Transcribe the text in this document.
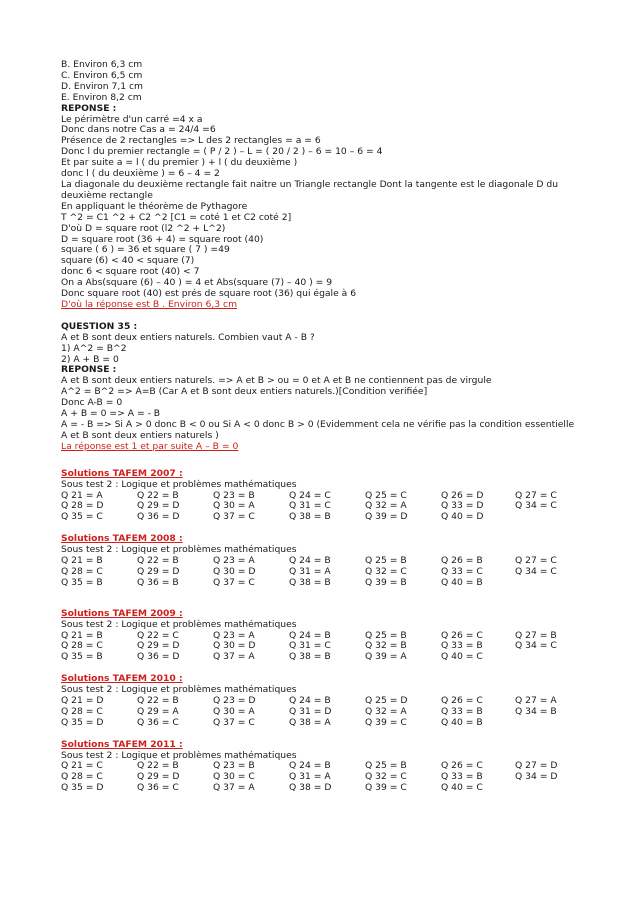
B. Environ 6,3 cm
C. Environ 6,5 cm
D. Environ 7,1 cm
E. Environ 8,2 cm
REPONSE :
Le périmètre d'un carré =4 x a
Donc dans notre Cas a = 24/4 =6
Présence de 2 rectangles => L des 2 rectangles = a = 6
Donc l du premier rectangle = ( P / 2 ) – L = ( 20 / 2 ) – 6 = 10 – 6 = 4
Et par suite a = l ( du premier ) + l ( du deuxième )
donc l ( du deuxième ) = 6 – 4 = 2
La diagonale du deuxième rectangle fait naitre un Triangle rectangle Dont la tangente est le diagonale D du deuxième rectangle
En appliquant le théorème de Pythagore
T ^2 = C1 ^2 + C2 ^2 [C1 = coté 1 et C2 coté 2]
D'où D = square root (l2 ^2 + L^2)
D = square root (36 + 4) = square root (40)
square ( 6 ) = 36 et square ( 7 ) =49
square (6) < 40 < square (7)
donc 6 < square root (40) < 7
On a Abs(square (6) – 40 ) = 4 et Abs(square (7) – 40 ) = 9
Donc square root (40) est prés de square root (36) qui égale à 6
D'où la réponse est B . Environ 6,3 cm
QUESTION 35 :
A et B sont deux entiers naturels. Combien vaut A - B ?
1) A^2 = B^2
2) A + B = 0
REPONSE :
A et B sont deux entiers naturels. => A et B > ou = 0 et A et B ne contiennent pas de virgule
A^2 = B^2 => A=B (Car A et B sont deux entiers naturels.)[Condition verifiée]
Donc A-B = 0
A + B = 0 => A = - B
A = - B => Si A > 0 donc B < 0 ou Si A < 0 donc B > 0 (Evidemment cela ne vérifie pas la condition essentielle A et B sont deux entiers naturels )
La réponse est 1 et par suite A – B = 0
Solutions TAFEM 2007 :
Sous test 2 : Logique et problèmes mathématiques
Q 21 = A	Q 22 = B	Q 23 = B	Q 24 = C	Q 25 = C	Q 26 = D	Q 27 = C
Q 28 = D	Q 29 = D	Q 30 = A	Q 31 = C	Q 32 = A	Q 33 = D	Q 34 = C
Q 35 = C	Q 36 = D	Q 37 = C	Q 38 = B	Q 39 = D	Q 40 = D
Solutions TAFEM 2008 :
Sous test 2 : Logique et problèmes mathématiques
Q 21 = B	Q 22 = B	Q 23 = A	Q 24 = B	Q 25 = B	Q 26 = B	Q 27 = C
Q 28 = C	Q 29 = D	Q 30 = D	Q 31 = A	Q 32 = C	Q 33 = C	Q 34 = C
Q 35 = B	Q 36 = B	Q 37 = C	Q 38 = B	Q 39 = B	Q 40 = B
Solutions TAFEM 2009 :
Sous test 2 : Logique et problèmes mathématiques
Q 21 = B	Q 22 = C	Q 23 = A	Q 24 = B	Q 25 = B	Q 26 = C	Q 27 = B
Q 28 = C	Q 29 = D	Q 30 = D	Q 31 = C	Q 32 = B	Q 33 = B	Q 34 = C
Q 35 = B	Q 36 = D	Q 37 = A	Q 38 = B	Q 39 = A	Q 40 = C
Solutions TAFEM 2010 :
Sous test 2 : Logique et problèmes mathématiques
Q 21 = D	Q 22 = B	Q 23 = D	Q 24 = B	Q 25 = D	Q 26 = C	Q 27 = A
Q 28 = C	Q 29 = A	Q 30 = A	Q 31 = D	Q 32 = A	Q 33 = B	Q 34 = B
Q 35 = D	Q 36 = C	Q 37 = C	Q 38 = A	Q 39 = C	Q 40 = B
Solutions TAFEM 2011 :
Sous test 2 : Logique et problèmes mathématiques
Q 21 = C	Q 22 = B	Q 23 = B	Q 24 = B	Q 25 = B	Q 26 = C	Q 27 = D
Q 28 = C	Q 29 = D	Q 30 = C	Q 31 = A	Q 32 = C	Q 33 = B	Q 34 = D
Q 35 = D	Q 36 = C	Q 37 = A	Q 38 = D	Q 39 = C	Q 40 = C
